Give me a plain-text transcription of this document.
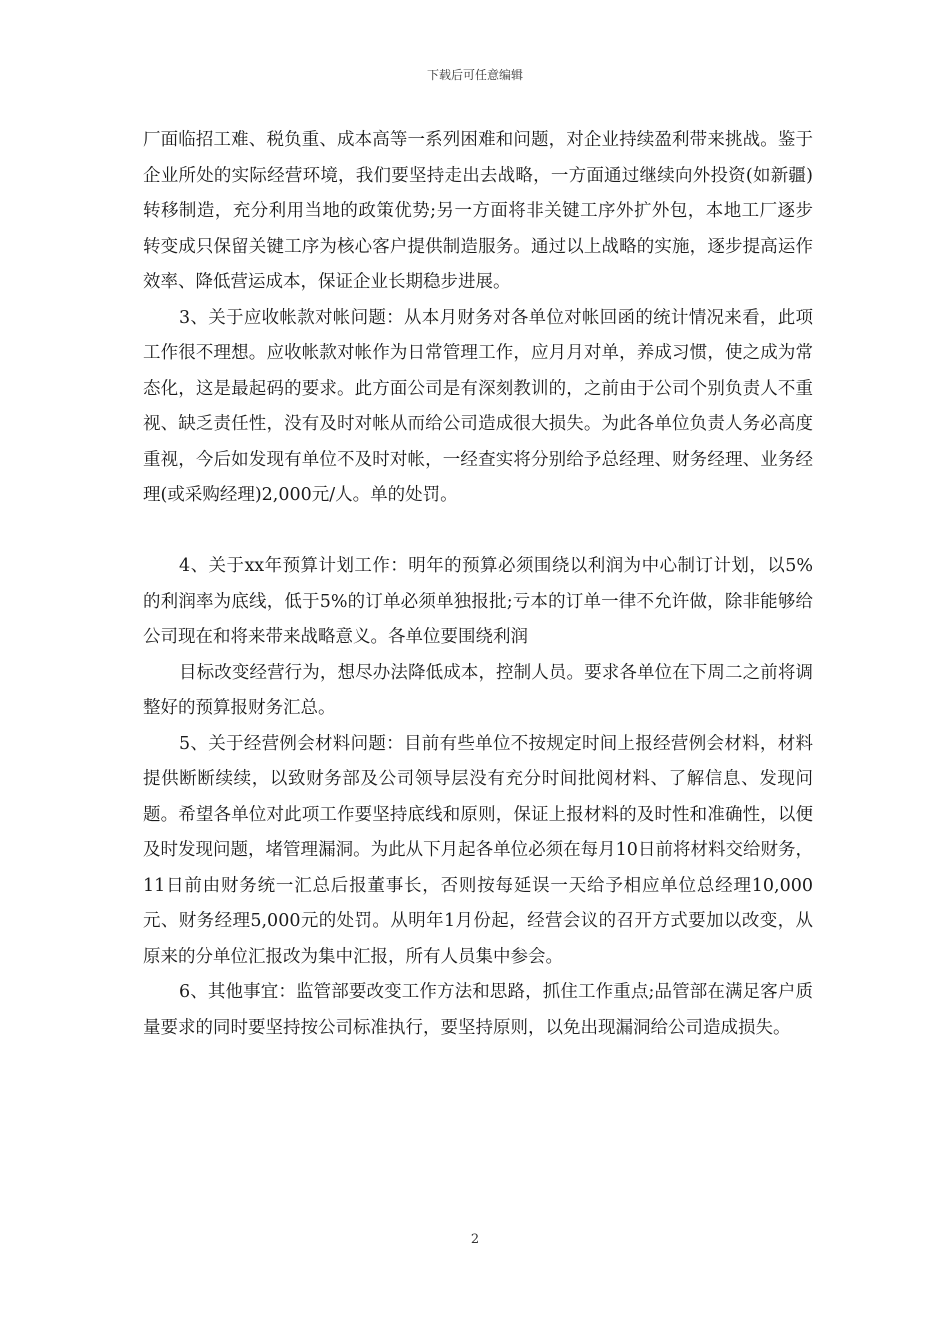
下载后可任意编辑

厂面临招工难、税负重、成本高等一系列困难和问题，对企业持续盈利带来挑战。鉴于企业所处的实际经营环境，我们要坚持走出去战略，一方面通过继续向外投资(如新疆)转移制造，充分利用当地的政策优势;另一方面将非关键工序外扩外包，本地工厂逐步转变成只保留关键工序为核心客户提供制造服务。通过以上战略的实施，逐步提高运作效率、降低营运成本，保证企业长期稳步进展。

3、关于应收帐款对帐问题：从本月财务对各单位对帐回函的统计情况来看，此项工作很不理想。应收帐款对帐作为日常管理工作，应月月对单，养成习惯，使之成为常态化，这是最起码的要求。此方面公司是有深刻教训的，之前由于公司个别负责人不重视、缺乏责任性，没有及时对帐从而给公司造成很大损失。为此各单位负责人务必高度重视，今后如发现有单位不及时对帐，一经查实将分别给予总经理、财务经理、业务经理(或采购经理)2,000元/人。单的处罚。

4、关于xx年预算计划工作：明年的预算必须围绕以利润为中心制订计划，以5%的利润率为底线，低于5%的订单必须单独报批;亏本的订单一律不允许做，除非能够给公司现在和将来带来战略意义。各单位要围绕利润

目标改变经营行为，想尽办法降低成本，控制人员。要求各单位在下周二之前将调整好的预算报财务汇总。

5、关于经营例会材料问题：目前有些单位不按规定时间上报经营例会材料，材料提供断断续续，以致财务部及公司领导层没有充分时间批阅材料、了解信息、发现问题。希望各单位对此项工作要坚持底线和原则，保证上报材料的及时性和准确性，以便及时发现问题，堵管理漏洞。为此从下月起各单位必须在每月10日前将材料交给财务，11日前由财务统一汇总后报董事长，否则按每延误一天给予相应单位总经理10,000元、财务经理5,000元的处罚。从明年1月份起，经营会议的召开方式要加以改变，从原来的分单位汇报改为集中汇报，所有人员集中参会。

6、其他事宜：监管部要改变工作方法和思路，抓住工作重点;品管部在满足客户质量要求的同时要坚持按公司标准执行，要坚持原则，以免出现漏洞给公司造成损失。

2
